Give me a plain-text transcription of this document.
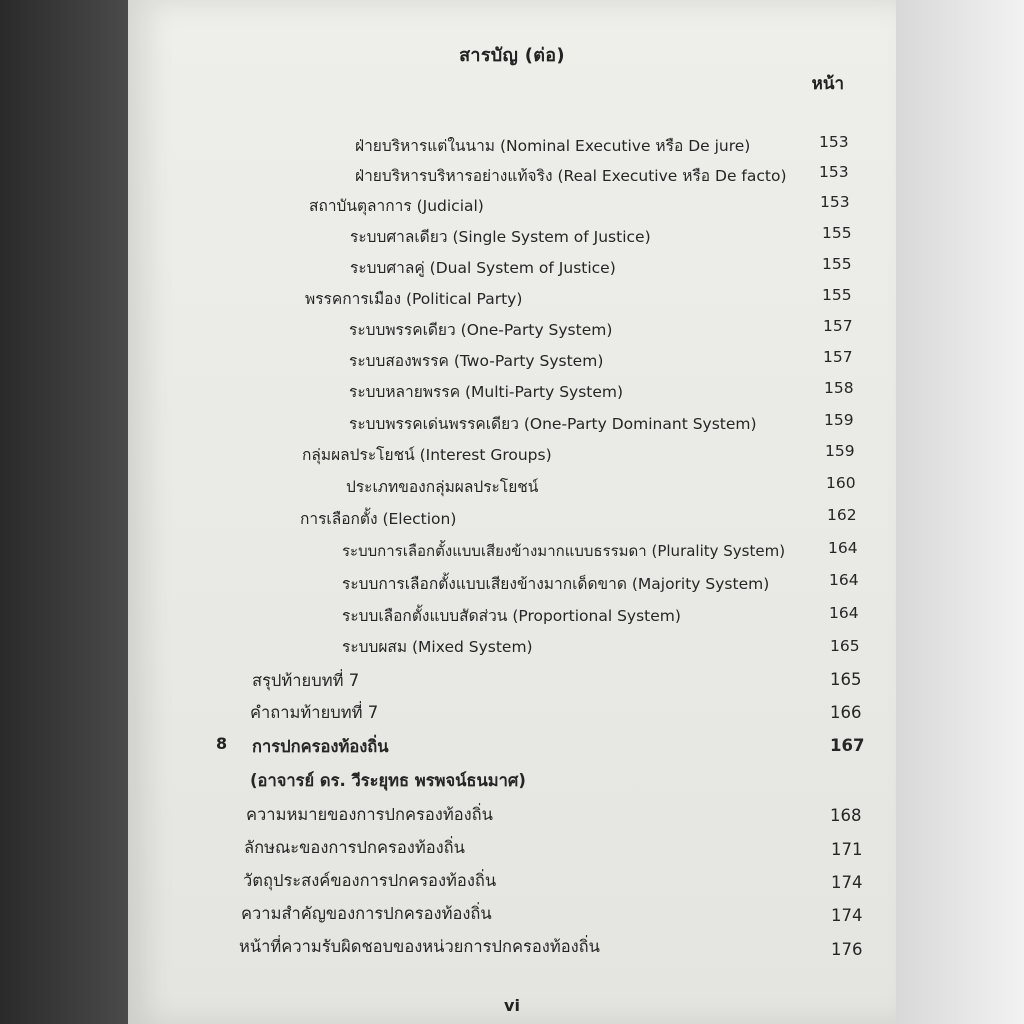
สารบัญ (ต่อ)
หน้า
ฝ่ายบริหารแต่ในนาม (Nominal Executive หรือ De jure)	153
ฝ่ายบริหารบริหารอย่างแท้จริง (Real Executive หรือ De facto) 153
สถาบันตุลาการ (Judicial)	153
ระบบศาลเดียว (Single System of Justice)	155
ระบบศาลคู่ (Dual System of Justice)	155
พรรคการเมือง (Political Party)	155
ระบบพรรคเดียว (One-Party System)	157
ระบบสองพรรค (Two-Party System)	157
ระบบหลายพรรค (Multi-Party System)	158
ระบบพรรคเด่นพรรคเดียว (One-Party Dominant System)	159
กลุ่มผลประโยชน์ (Interest Groups)	159
ประเภทของกลุ่มผลประโยชน์	160
การเลือกตั้ง (Election)	162
ระบบการเลือกตั้งแบบเสียงข้างมากแบบธรรมดา (Plurality System)	164
ระบบการเลือกตั้งแบบเสียงข้างมากเด็ดขาด (Majority System)	164
ระบบเลือกตั้งแบบสัดส่วน (Proportional System)	164
ระบบผสม (Mixed System)	165
สรุปท้ายบทที่ 7	165
คำถามท้ายบทที่ 7	166
8 การปกครองท้องถิ่น	167
(อาจารย์ ดร. วีระยุทธ พรพจน์ธนมาศ)
ความหมายของการปกครองท้องถิ่น	168
ลักษณะของการปกครองท้องถิ่น	171
วัตถุประสงค์ของการปกครองท้องถิ่น	174
ความสำคัญของการปกครองท้องถิ่น	174
หน้าที่ความรับผิดชอบของหน่วยการปกครองท้องถิ่น	176
vi
